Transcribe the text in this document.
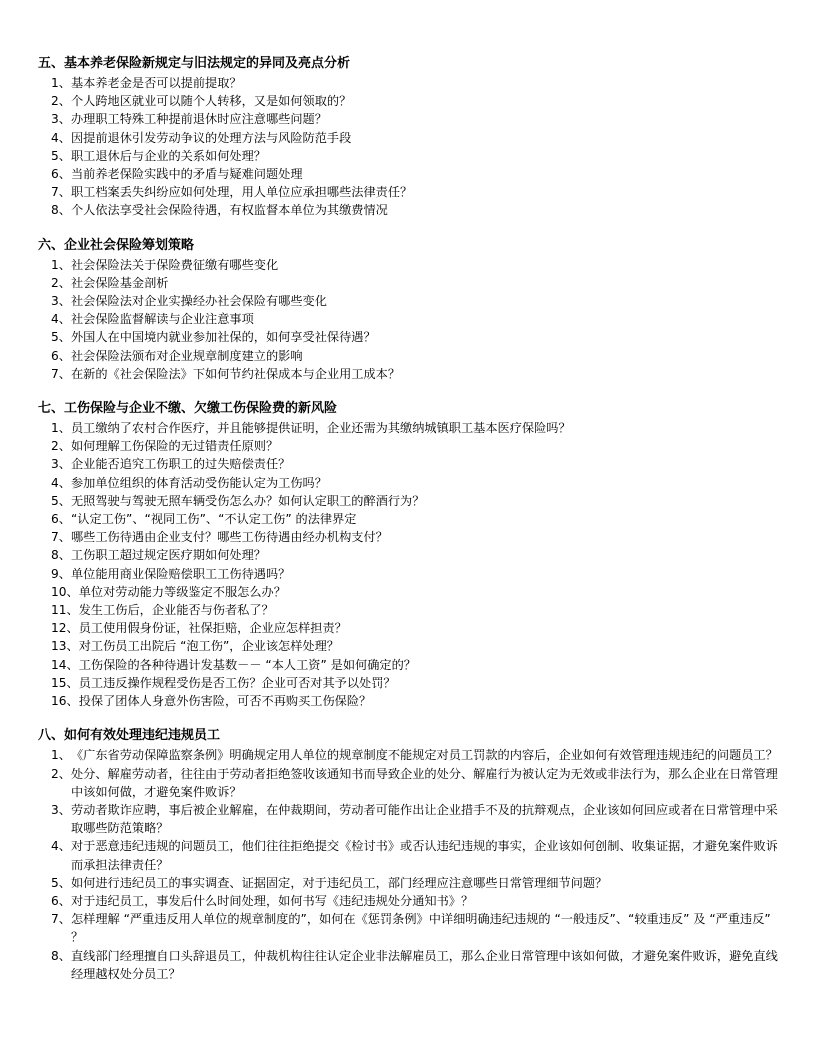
五、基本养老保险新规定与旧法规定的异同及亮点分析
1、 基本养老金是否可以提前提取？
2、 个人跨地区就业可以随个人转移，又是如何领取的？
3、 办理职工特殊工种提前退休时应注意哪些问题？
4、 因提前退休引发劳动争议的处理方法与风险防范手段
5、 职工退休后与企业的关系如何处理？
6、 当前养老保险实践中的矛盾与疑难问题处理
7、 职工档案丢失纠纷应如何处理，用人单位应承担哪些法律责任？
8、 个人依法享受社会保险待遇，有权监督本单位为其缴费情况
六、企业社会保险筹划策略
1、 社会保险法关于保险费征缴有哪些变化
2、 社会保险基金剖析
3、 社会保险法对企业实操经办社会保险有哪些变化
4、 社会保险监督解读与企业注意事项
5、 外国人在中国境内就业参加社保的，如何享受社保待遇？
6、 社会保险法颁布对企业规章制度建立的影响
7、 在新的《社会保险法》下如何节约社保成本与企业用工成本？
七、工伤保险与企业不缴、欠缴工伤保险费的新风险
1、 员工缴纳了农村合作医疗，并且能够提供证明，企业还需为其缴纳城镇职工基本医疗保险吗？
2、 如何理解工伤保险的无过错责任原则？
3、 企业能否追究工伤职工的过失赔偿责任？
4、 参加单位组织的体育活动受伤能认定为工伤吗？
5、 无照驾驶与驾驶无照车辆受伤怎么办？如何认定职工的醉酒行为？
6、 “认定工伤”、“视同工伤”、“不认定工伤” 的法律界定
7、 哪些工伤待遇由企业支付？哪些工伤待遇由经办机构支付？
8、 工伤职工超过规定医疗期如何处理？
9、 单位能用商业保险赔偿职工工伤待遇吗？
10、 单位对劳动能力等级鉴定不服怎么办？
11、 发生工伤后，企业能否与伤者私了？
12、 员工使用假身份证，社保拒赔，企业应怎样担责？
13、 对工伤员工出院后 “泡工伤”，企业该怎样处理？
14、 工伤保险的各种待遇计发基数－－ “本人工资” 是如何确定的？
15、 员工违反操作规程受伤是否工伤？企业可否对其予以处罚？
16、 投保了团体人身意外伤害险，可否不再购买工伤保险？
八、如何有效处理违纪违规员工
1、 《广东省劳动保障监察条例》明确规定用人单位的规章制度不能规定对员工罚款的内容后，企业如何有效管理违规违纪的问题员工？
2、 处分、解雇劳动者，往往由于劳动者拒绝签收该通知书而导致企业的处分、解雇行为被认定为无效或非法行为，那么企业在日常管理中该如何做，才避免案件败诉？
3、 劳动者欺诈应聘，事后被企业解雇，在仲裁期间，劳动者可能作出让企业措手不及的抗辩观点，企业该如何回应或者在日常管理中采取哪些防范策略？
4、 对于恶意违纪违规的问题员工，他们往往拒绝提交《检讨书》或否认违纪违规的事实，企业该如何创制、收集证据，才避免案件败诉而承担法律责任？
5、 如何进行违纪员工的事实调查、证据固定，对于违纪员工，部门经理应注意哪些日常管理细节问题？
6、 对于违纪员工，事发后什么时间处理，如何书写《违纪违规处分通知书》？
7、 怎样理解 “严重违反用人单位的规章制度的”，如何在《惩罚条例》中详细明确违纪违规的 “一般违反”、“较重违反” 及 “严重违反” ？
8、 直线部门经理擅自口头辞退员工，仲裁机构往往认定企业非法解雇员工，那么企业日常管理中该如何做，才避免案件败诉，避免直线经理越权处分员工？
